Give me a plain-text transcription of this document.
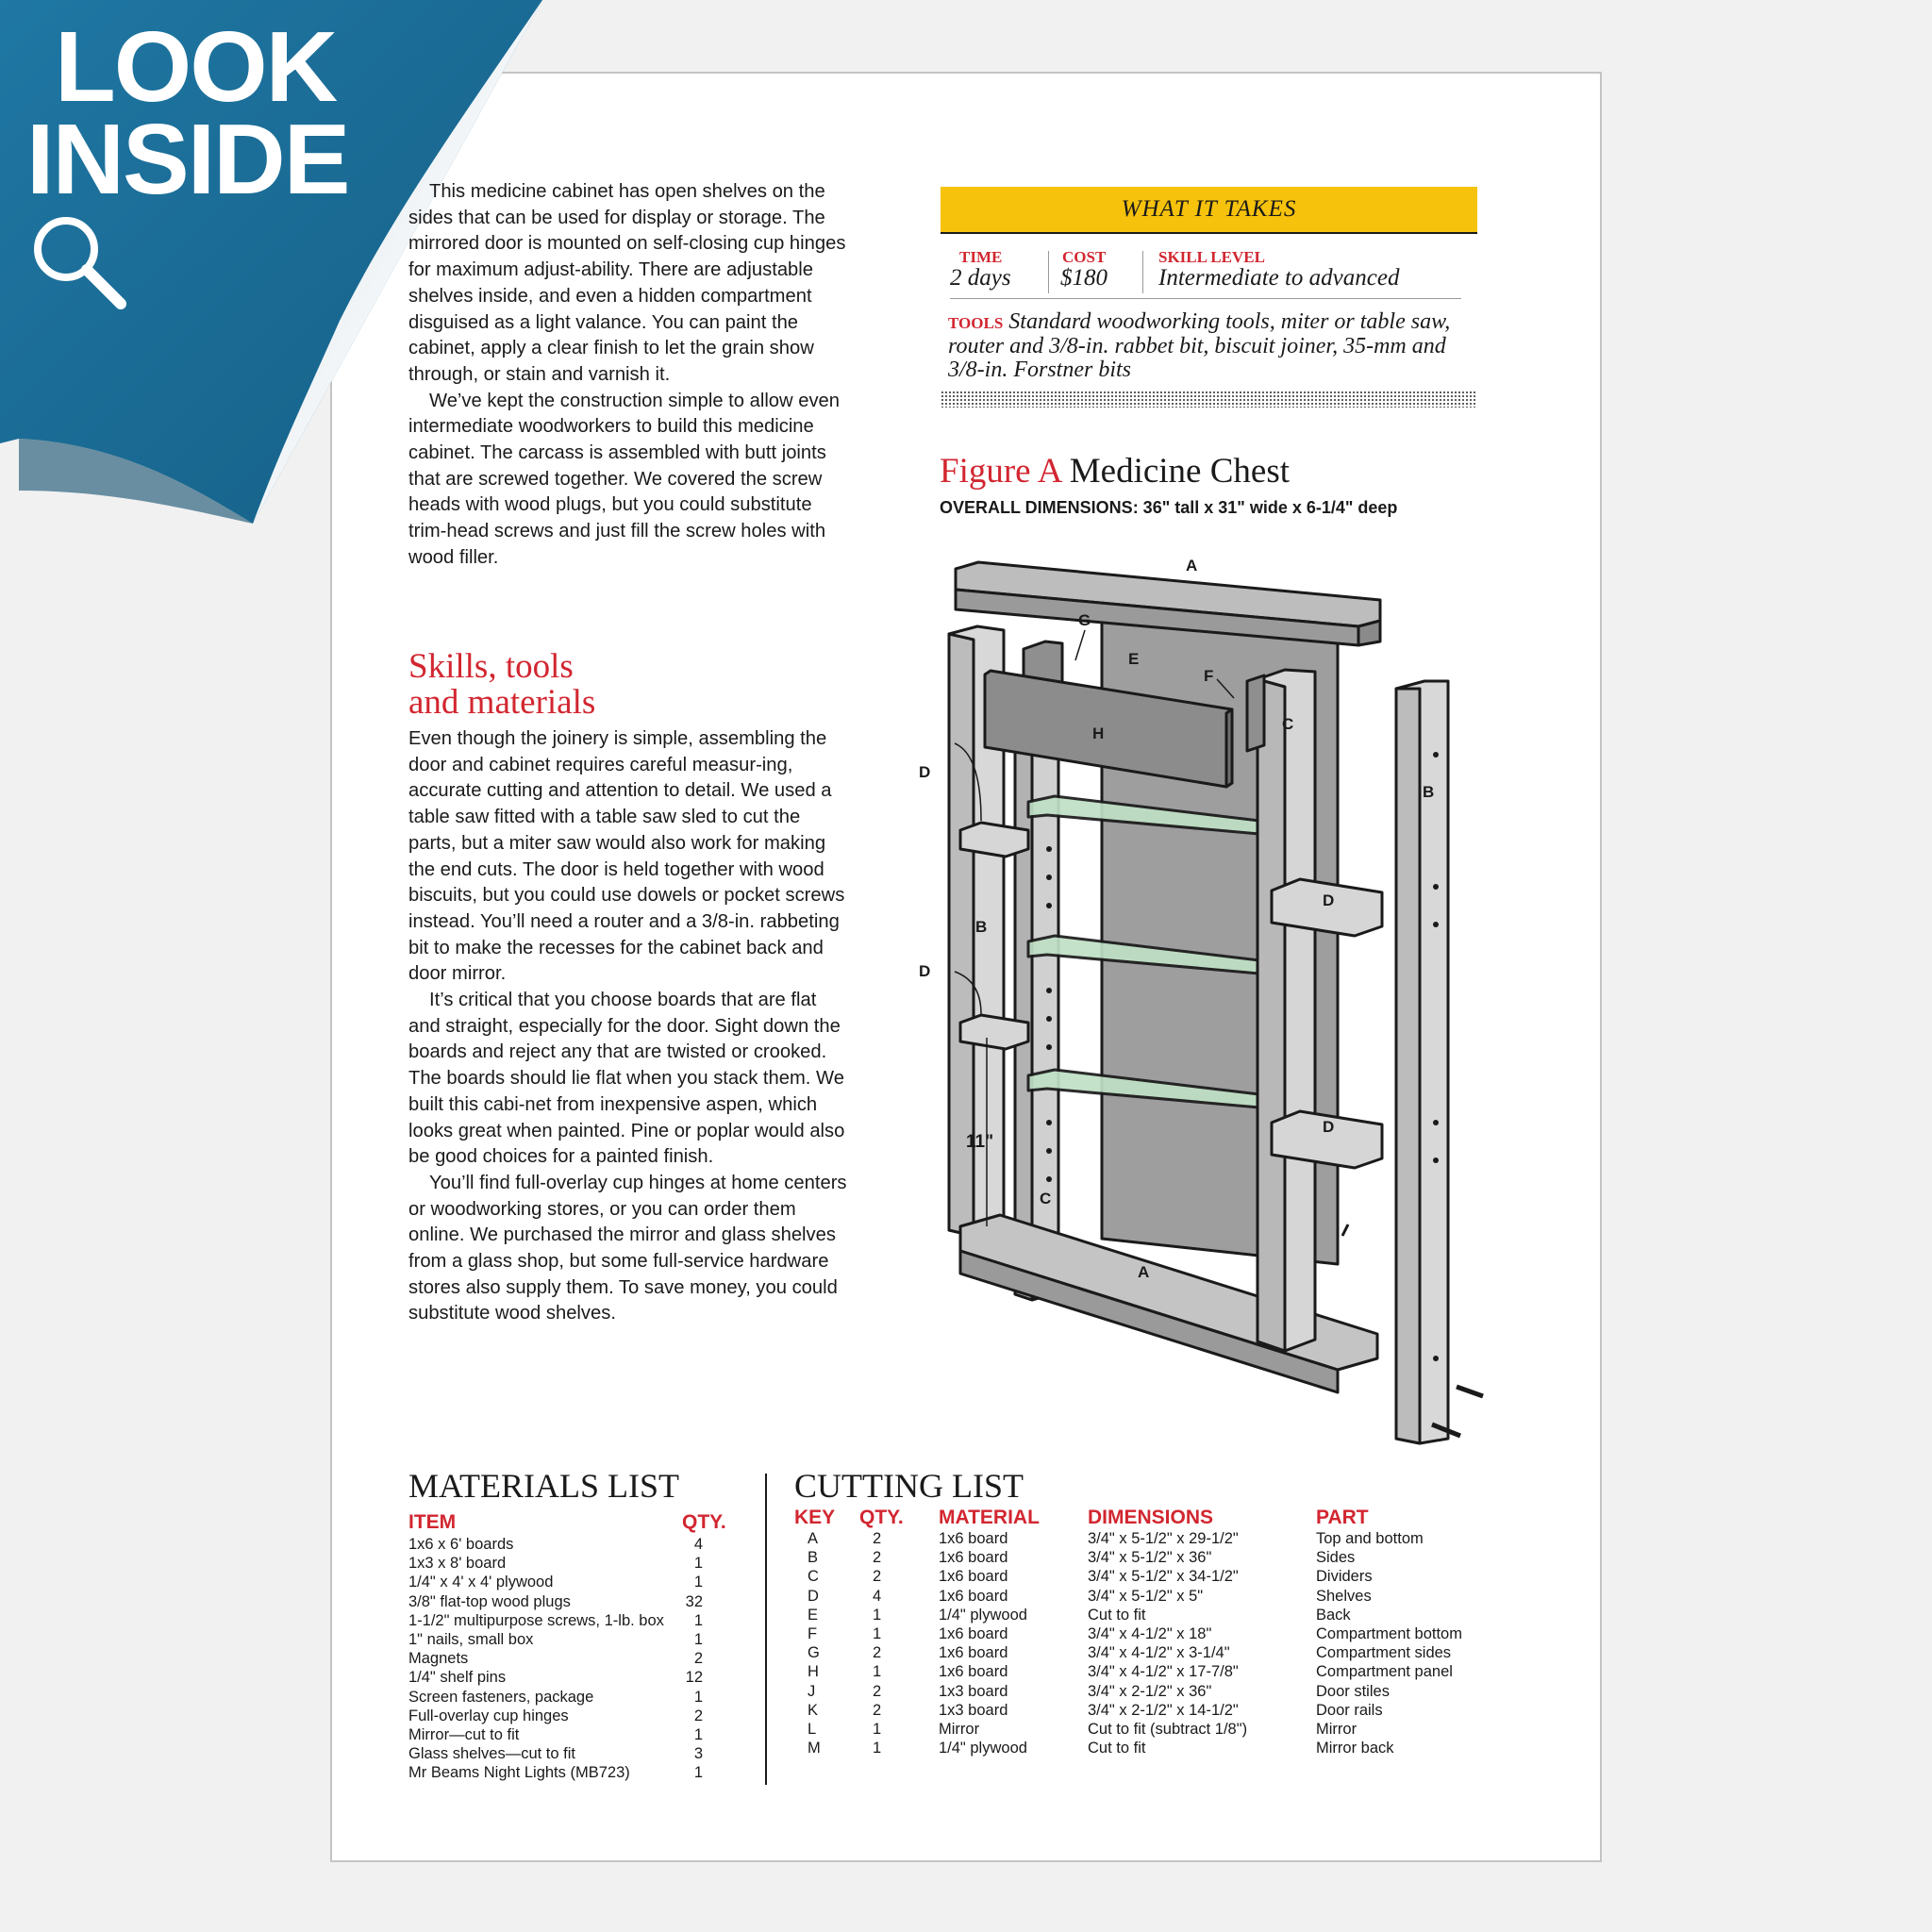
LOOK
INSIDE	This medicine cabinet has open shelves on the sides that can be used for display or storage. The mirrored door is mounted on self-closing cup hinges for maximum adjust-ability. There are adjustable shelves inside, and even a hidden compartment disguised as a light valance. You can paint the cabinet, apply a clear finish to let the grain show through, or stain and varnish it.

We’ve kept the construction simple to allow even intermediate woodworkers to build this medicine cabinet. The carcass is assembled with butt joints that are screwed together. We covered the screw heads with wood plugs, but you could substitute trim-head screws and just fill the screw holes with wood filler.

Skills, tools
and materials

Even though the joinery is simple, assembling the door and cabinet requires careful measur-ing, accurate cutting and attention to detail. We used a table saw fitted with a table saw sled to cut the parts, but a miter saw would also work for making the end cuts. The door is held together with wood biscuits, but you could use dowels or pocket screws instead. You’ll need a router and a 3/8-in. rabbeting bit to make the recesses for the cabinet back and door mirror.

It’s critical that you choose boards that are flat and straight, especially for the door. Sight down the boards and reject any that are twisted or crooked. The boards should lie flat when you stack them. We built this cabi-net from inexpensive aspen, which looks great when painted. Pine or poplar would also be good choices for a painted finish.

You’ll find full-overlay cup hinges at home centers or woodworking stores, or you can order them online. We purchased the mirror and glass shelves from a glass shop, but some full-service hardware stores also supply them. To save money, you could substitute wood shelves.

WHAT IT TAKES
TIME
2 days
COST
$180
SKILL LEVEL
Intermediate to advanced
TOOLS Standard woodworking tools, miter or table saw, router and 3/8-in. rabbet bit, biscuit joiner, 35-mm and 3/8-in. Forstner bits
Figure A Medicine Chest
OVERALL DIMENSIONS: 36" tall x 31" wide x 6-1/4" deep
A
G
E
F
C
H
D
B
D
B
D
D
C
A
11"
MATERIALS LIST
ITEM	QTY.
1x6 x 6' boards	4
1x3 x 8' board	1
1/4" x 4' x 4' plywood	1
3/8" flat-top wood plugs	32
1-1/2" multipurpose screws, 1-lb. box 1
1" nails, small box	1
Magnets	2
1/4" shelf pins	12
Screen fasteners, package	1
Full-overlay cup hinges	2
Mirror—cut to fit	1
Glass shelves—cut to fit	3
Mr Beams Night Lights (MB723)	1
CUTTING LIST
KEY QTY. MATERIAL DIMENSIONS	PART
A	2	1x6 board	3/4" x 5-1/2" x 29-1/2"	Top and bottom
B	2	1x6 board	3/4" x 5-1/2" x 36"	Sides
C	2	1x6 board	3/4" x 5-1/2" x 34-1/2"	Dividers
D	4	1x6 board	3/4" x 5-1/2" x 5"	Shelves
E	1	1/4" plywood	Cut to fit	Back
F	1	1x6 board	3/4" x 4-1/2" x 18"	Compartment bottom
G	2	1x6 board	3/4" x 4-1/2" x 3-1/4"	Compartment sides
H	1	1x6 board	3/4" x 4-1/2" x 17-7/8"	Compartment panel
J	2	1x3 board	3/4" x 2-1/2" x 36"	Door stiles
K	2	1x3 board	3/4" x 2-1/2" x 14-1/2"	Door rails
L	1	Mirror	Cut to fit (subtract 1/8")	Mirror
M	1	1/4" plywood	Cut to fit	Mirror back
